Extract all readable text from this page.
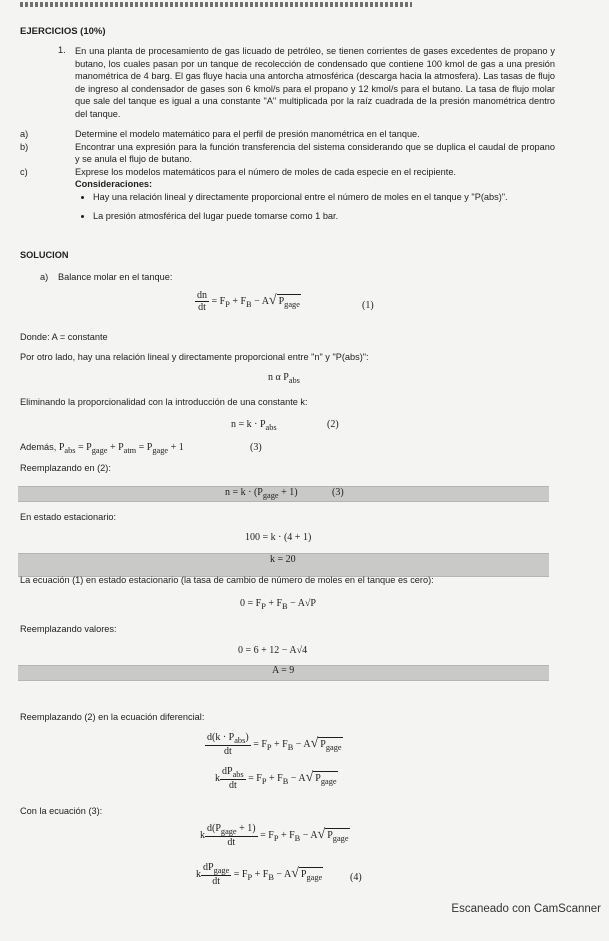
EJERCICIOS (10%)
1. En una planta de procesamiento de gas licuado de petróleo, se tienen corrientes de gases excedentes de propano y butano, los cuales pasan por un tanque de recolección de condensado que contiene 100 kmol de gas a una presión manométrica de 4 barg. El gas fluye hacia una antorcha atmosférica (descarga hacia la atmosfera). Las tasas de flujo de ingreso al condensador de gases son 6 kmol/s para el propano y 12 kmol/s para el butano. La tasa de flujo molar que sale del tanque es igual a una constante "A" multiplicada por la raíz cuadrada de la presión manométrica dentro del tanque.
a)	Determine el modelo matemático para el perfil de presión manométrica en el tanque.
b)	Encontrar una expresión para la función transferencia del sistema considerando que se duplica el caudal de propano y se anula el flujo de butano.
c)	Exprese los modelos matemáticos para el número de moles de cada especie en el recipiente.
Consideraciones:
• Hay una relación lineal y directamente proporcional entre el número de moles en el tanque y "P(abs)".
• La presión atmosférica del lugar puede tomarse como 1 bar.
SOLUCION
a) Balance molar en el tanque:
$\frac{dn}{dt} = F_P + F_B - A√$ $P_{gage}$	(1)
Donde: A = constante
Por otro lado, hay una relación lineal y directamente proporcional entre "n" y "P(abs)":
n α $P_{abs}$
Eliminando la proporcionalidad con la introducción de una constante k:
$n = k \cdot P_{abs}$	(2)
Además, $P_{abs} = P_{gage} + P_{atm} = P_{gage} + 1$	(3)
Reemplazando en (2):
$n = k \cdot (P_{gage} + 1)$	(3)
En estado estacionario:
100 = k · (4 + 1)
k = 20
La ecuación (1) en estado estacionario (la tasa de cambio de número de moles en el tanque es cero):
$0 = F_P + F_B - A√P$
Reemplazando valores:
0 = 6 + 12 − A√4
A = 9
Reemplazando (2) en la ecuación diferencial:
$\frac{d(k \cdot P_{abs})}{dt} = F_P + F_B - A√$ $P_{gage}$
k $\frac{dP_{abs}}{dt} = F_P + F_B - A√$ $P_{gage}$
Con la ecuación (3):
k $\frac{d(P_{gage} + 1)}{dt} = F_P + F_B - A√$ $P_{gage}$
k $\frac{dP_{gage}}{dt} = F_P + F_B - A√$ $P_{gage}$	(4)
Escaneado con CamScanner
